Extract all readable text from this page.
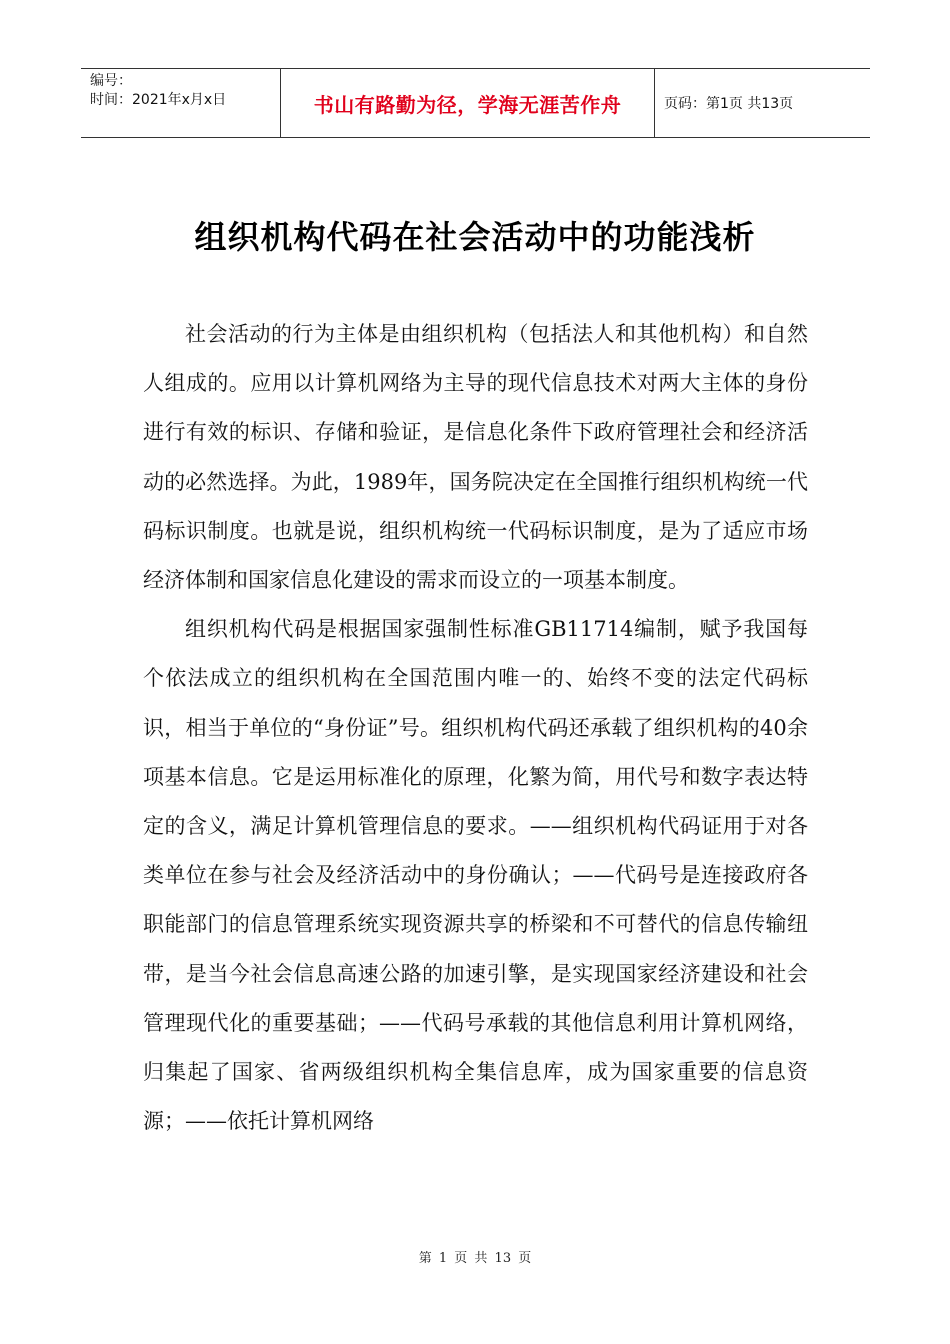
编号：
时间：2021年x月x日	书山有路勤为径，学海无涯苦作舟	页码：第1页 共13页
组织机构代码在社会活动中的功能浅析

社会活动的行为主体是由组织机构（包括法人和其他机构）和自然人组成的。应用以计算机网络为主导的现代信息技术对两大主体的身份进行有效的标识、存储和验证，是信息化条件下政府管理社会和经济活动的必然选择。为此，1989年，国务院决定在全国推行组织机构统一代码标识制度。也就是说，组织机构统一代码标识制度，是为了适应市场经济体制和国家信息化建设的需求而设立的一项基本制度。

组织机构代码是根据国家强制性标准GB11714编制，赋予我国每个依法成立的组织机构在全国范围内唯一的、始终不变的法定代码标识，相当于单位的“身份证”号。组织机构代码还承载了组织机构的40余项基本信息。它是运用标准化的原理，化繁为简，用代号和数字表达特定的含义，满足计算机管理信息的要求。——组织机构代码证用于对各类单位在参与社会及经济活动中的身份确认；——代码号是连接政府各职能部门的信息管理系统实现资源共享的桥梁和不可替代的信息传输纽带，是当今社会信息高速公路的加速引擎，是实现国家经济建设和社会管理现代化的重要基础；——代码号承载的其他信息利用计算机网络，归集起了国家、省两级组织机构全集信息库，成为国家重要的信息资源；——依托计算机网络

第 1 页 共 13 页
